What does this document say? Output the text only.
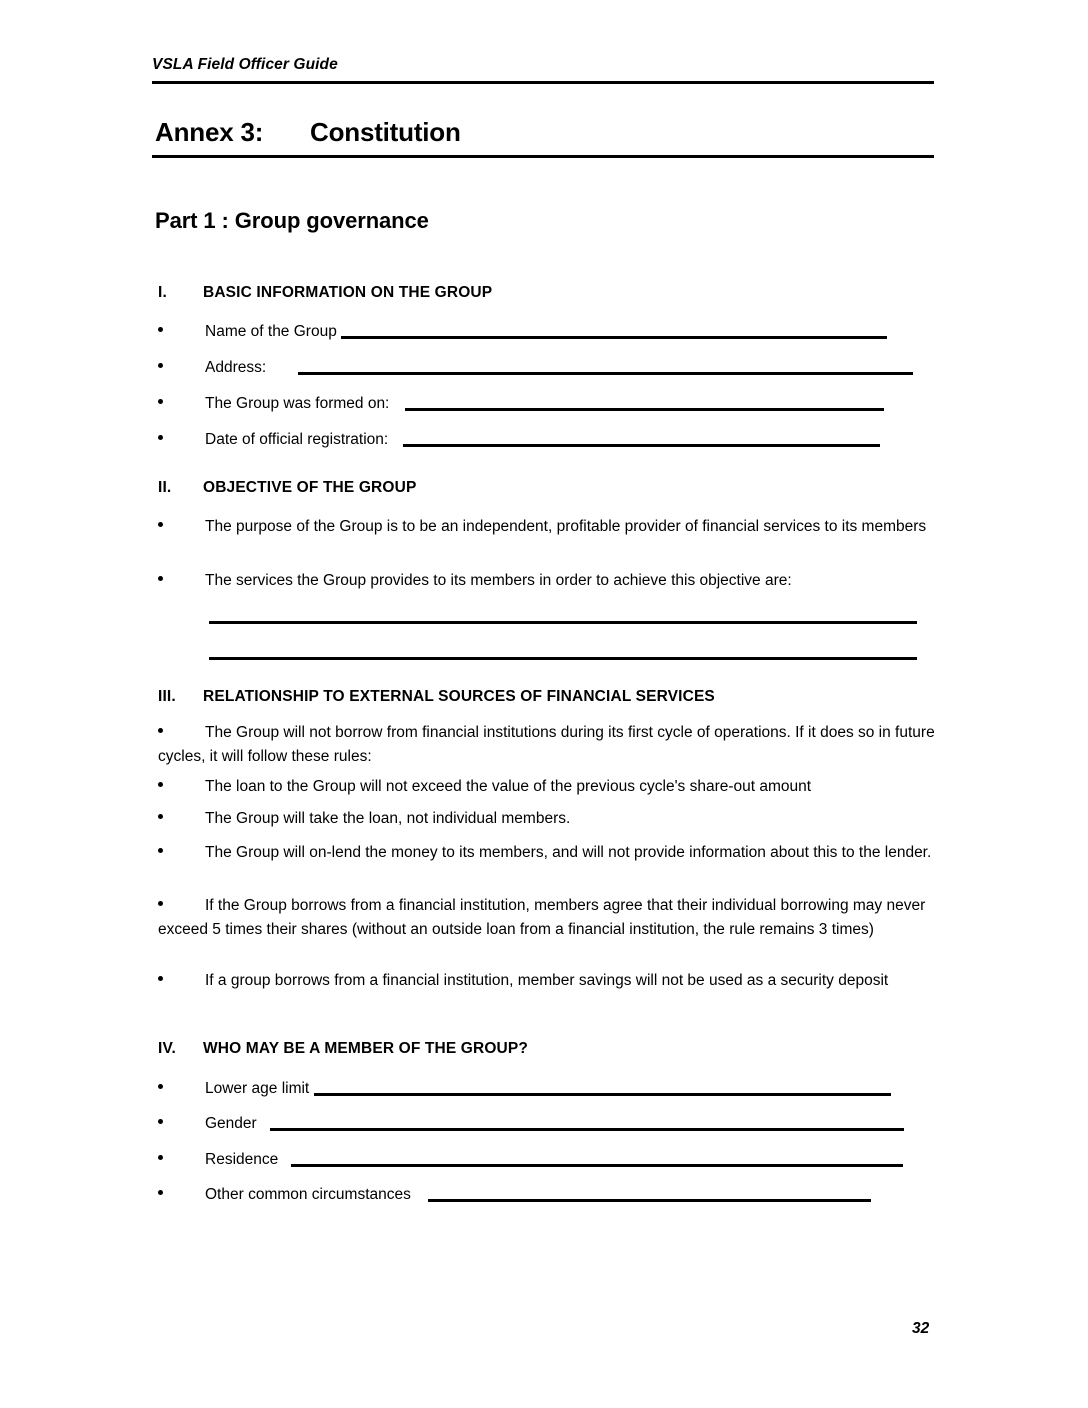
VSLA Field Officer Guide
Annex 3:	Constitution
Part 1 : Group governance
I.	BASIC INFORMATION ON THE GROUP
Name of the Group
Address:
The Group was formed on:
Date of official registration:
II.	OBJECTIVE OF THE GROUP
The purpose of the Group is to be an independent, profitable provider of financial services to its members
The services the Group provides to its members in order to achieve this objective are:
III.	RELATIONSHIP TO EXTERNAL SOURCES OF FINANCIAL SERVICES
The Group will not borrow from financial institutions during its first cycle of operations. If it does so in future cycles, it will follow these rules:
The loan to the Group will not exceed the value of the previous cycle's share-out amount
The Group will take the loan, not individual members.
The Group will on-lend the money to its members, and will not provide information about this to the lender.
If the Group borrows from a financial institution, members agree that their individual borrowing may never exceed 5 times their shares (without an outside loan from a financial institution, the rule remains 3 times)
If a group borrows from a financial institution, member savings will not be used as a security deposit
IV.	WHO MAY BE A MEMBER OF THE GROUP?
Lower age limit
Gender
Residence
Other common circumstances
32
